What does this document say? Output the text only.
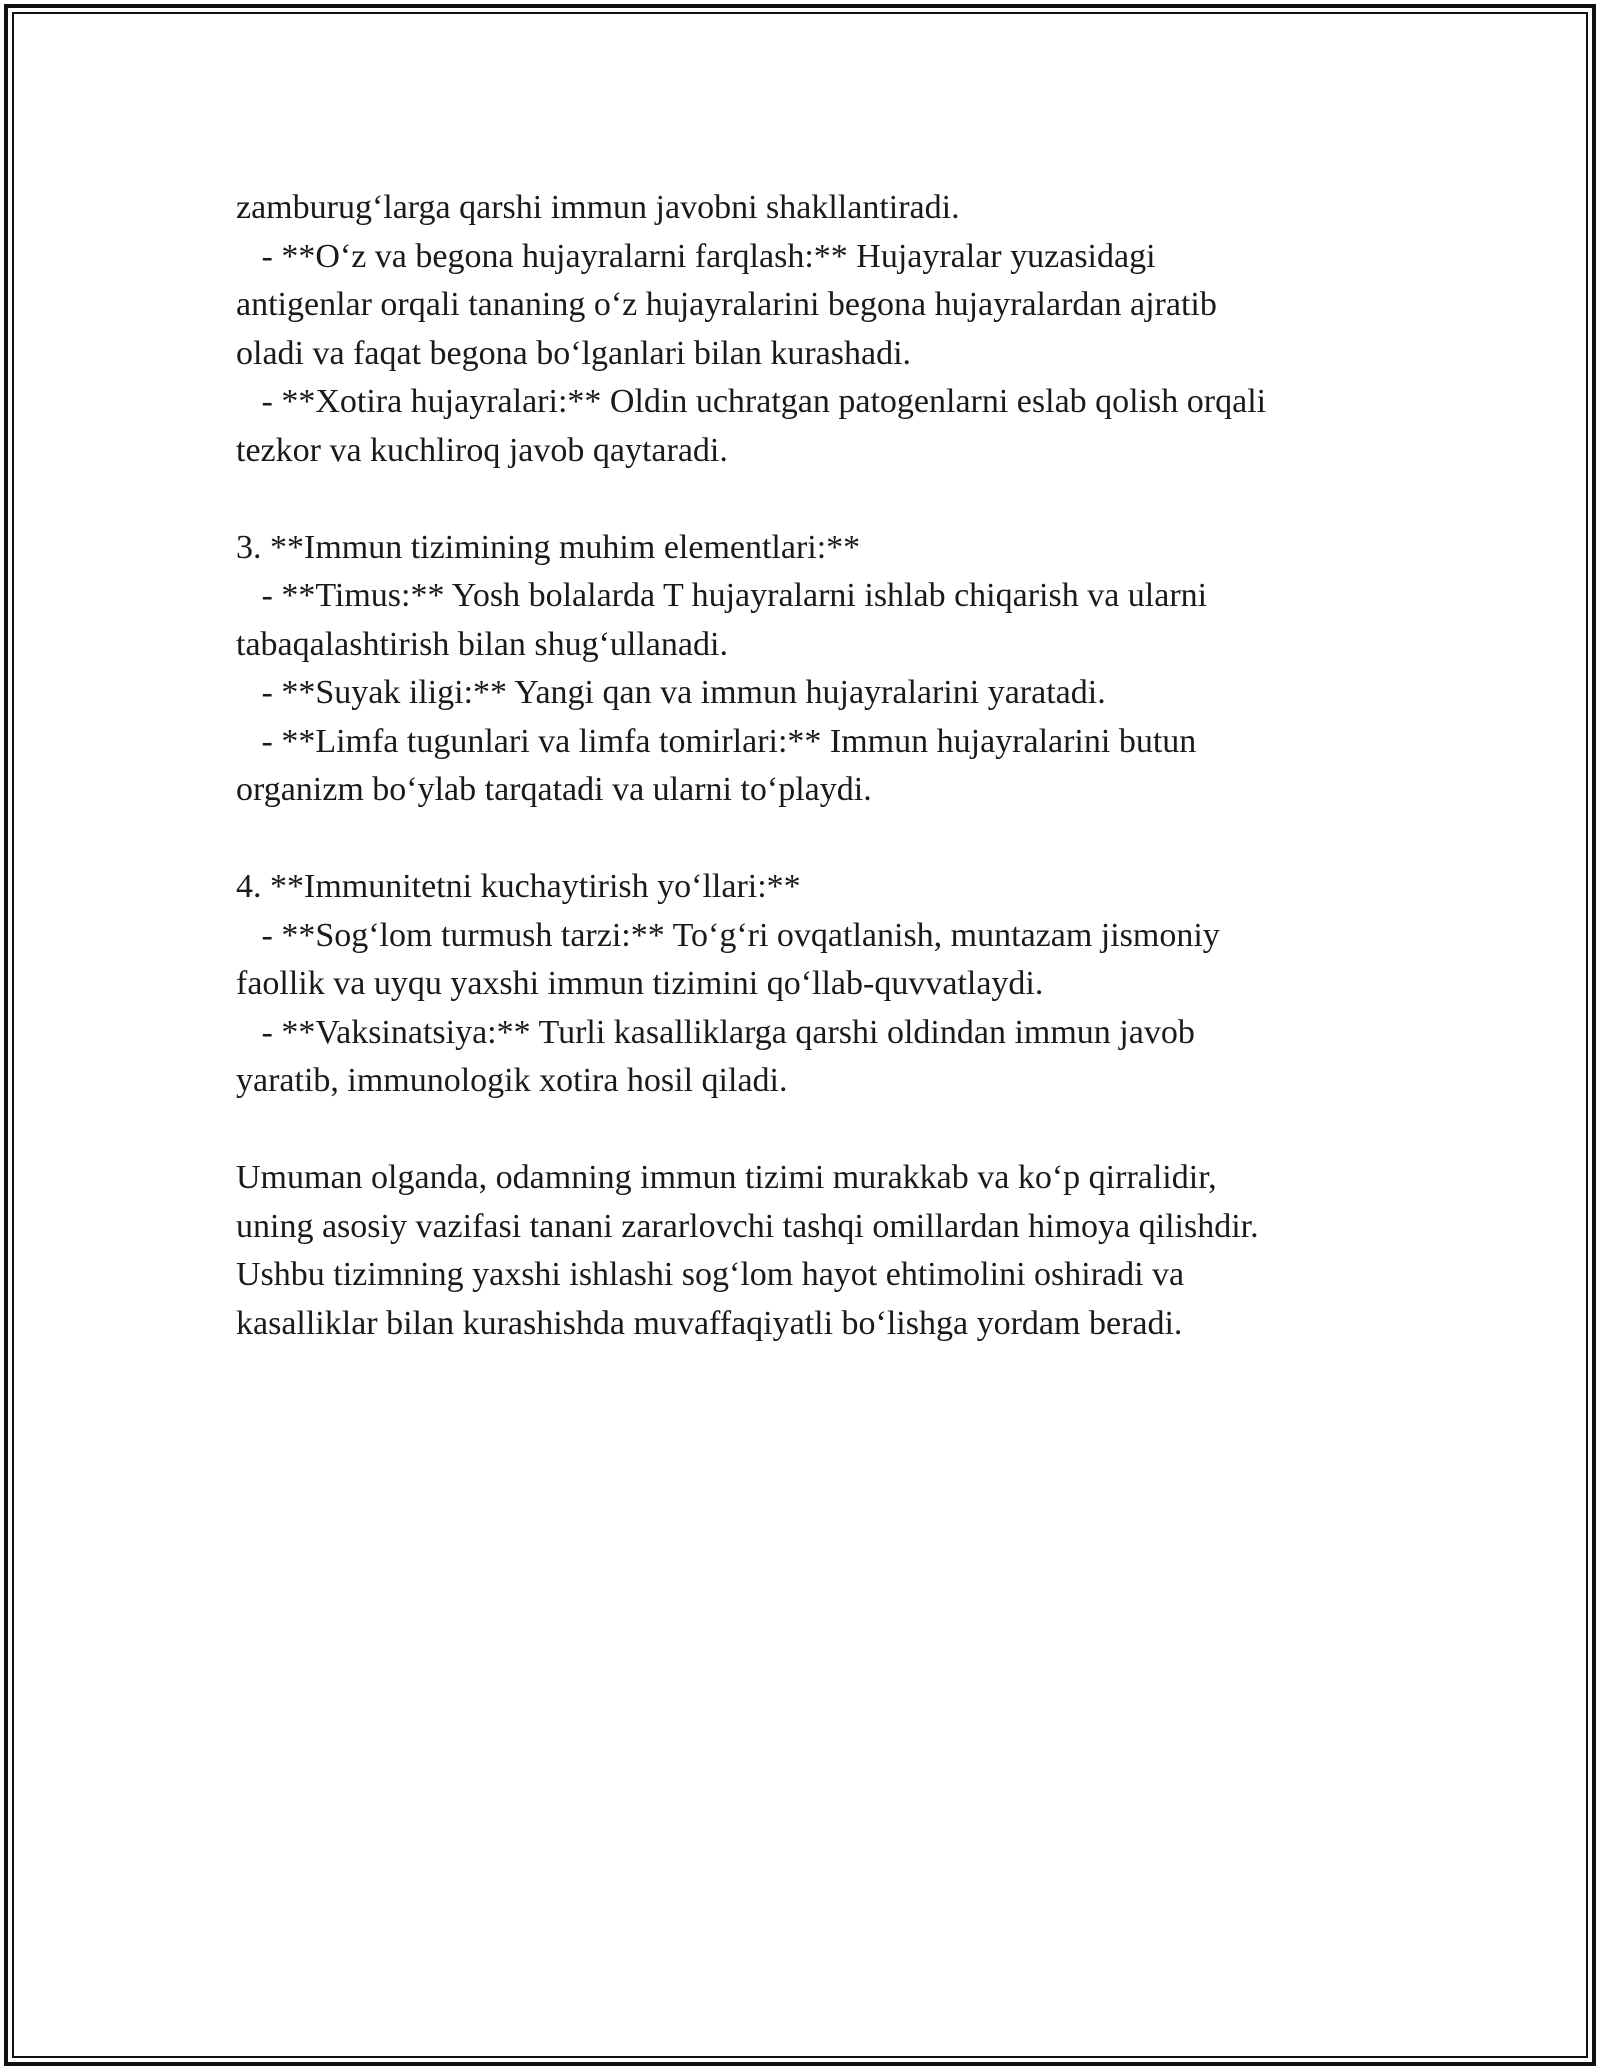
zamburug‘larga qarshi immun javobni shakllantiradi.
- **O‘z va begona hujayralarni farqlash:** Hujayralar yuzasidagi
antigenlar orqali tananing o‘z hujayralarini begona hujayralardan ajratib
oladi va faqat begona bo‘lganlari bilan kurashadi.
- **Xotira hujayralari:** Oldin uchratgan patogenlarni eslab qolish orqali
tezkor va kuchliroq javob qaytaradi.
3. **Immun tizimining muhim elementlari:**
- **Timus:** Yosh bolalarda T hujayralarni ishlab chiqarish va ularni
tabaqalashtirish bilan shug‘ullanadi.
- **Suyak iligi:** Yangi qan va immun hujayralarini yaratadi.
- **Limfa tugunlari va limfa tomirlari:** Immun hujayralarini butun
organizm bo‘ylab tarqatadi va ularni to‘playdi.
4. **Immunitetni kuchaytirish yo‘llari:**
- **Sog‘lom turmush tarzi:** To‘g‘ri ovqatlanish, muntazam jismoniy
faollik va uyqu yaxshi immun tizimini qo‘llab-quvvatlaydi.
- **Vaksinatsiya:** Turli kasalliklarga qarshi oldindan immun javob
yaratib, immunologik xotira hosil qiladi.
Umuman olganda, odamning immun tizimi murakkab va ko‘p qirralidir,
uning asosiy vazifasi tanani zararlovchi tashqi omillardan himoya qilishdir.
Ushbu tizimning yaxshi ishlashi sog‘lom hayot ehtimolini oshiradi va
kasalliklar bilan kurashishda muvaffaqiyatli bo‘lishga yordam beradi.
